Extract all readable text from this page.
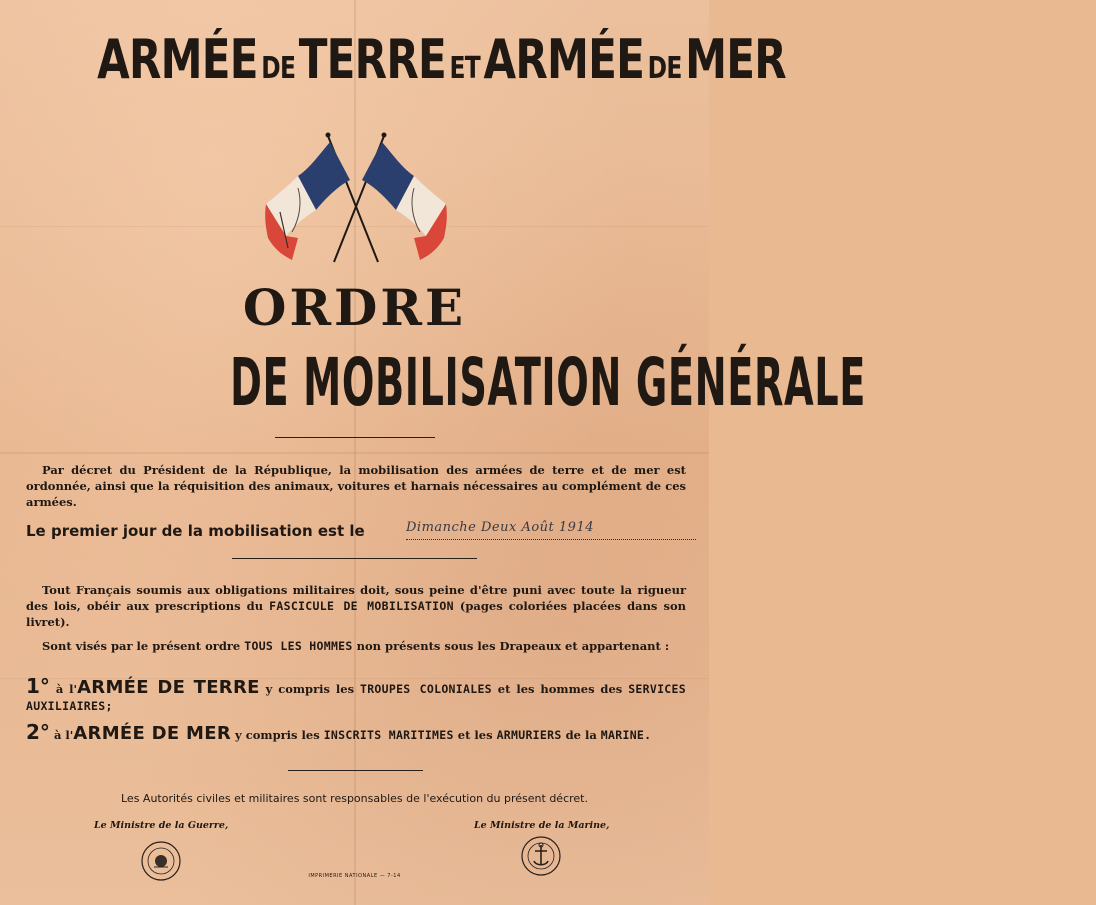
ARMÉE DE TERRE ET ARMÉE DE MER
ORDRE
DE MOBILISATION GÉNÉRALE
Par décret du Président de la République, la mobilisation des armées de terre et de mer est ordonnée, ainsi que la réquisition des animaux, voitures et harnais nécessaires au complément de ces armées.
Le premier jour de la mobilisation est le	Dimanche Deux Août 1914
Tout Français soumis aux obligations militaires doit, sous peine d'être puni avec toute la rigueur des lois, obéir aux prescriptions du FASCICULE DE MOBILISATION (pages coloriées placées dans son livret).
Sont visés par le présent ordre TOUS LES HOMMES non présents sous les Drapeaux et appartenant :
1° à l'ARMÉE DE TERRE y compris les TROUPES COLONIALES et les hommes des SERVICES AUXILIAIRES;
2° à l'ARMÉE DE MER y compris les INSCRITS MARITIMES et les ARMURIERS de la MARINE.
Les Autorités civiles et militaires sont responsables de l'exécution du présent décret.
Le Ministre de la Guerre,	Le Ministre de la Marine,
IMPRIMERIE NATIONALE — 7-14
